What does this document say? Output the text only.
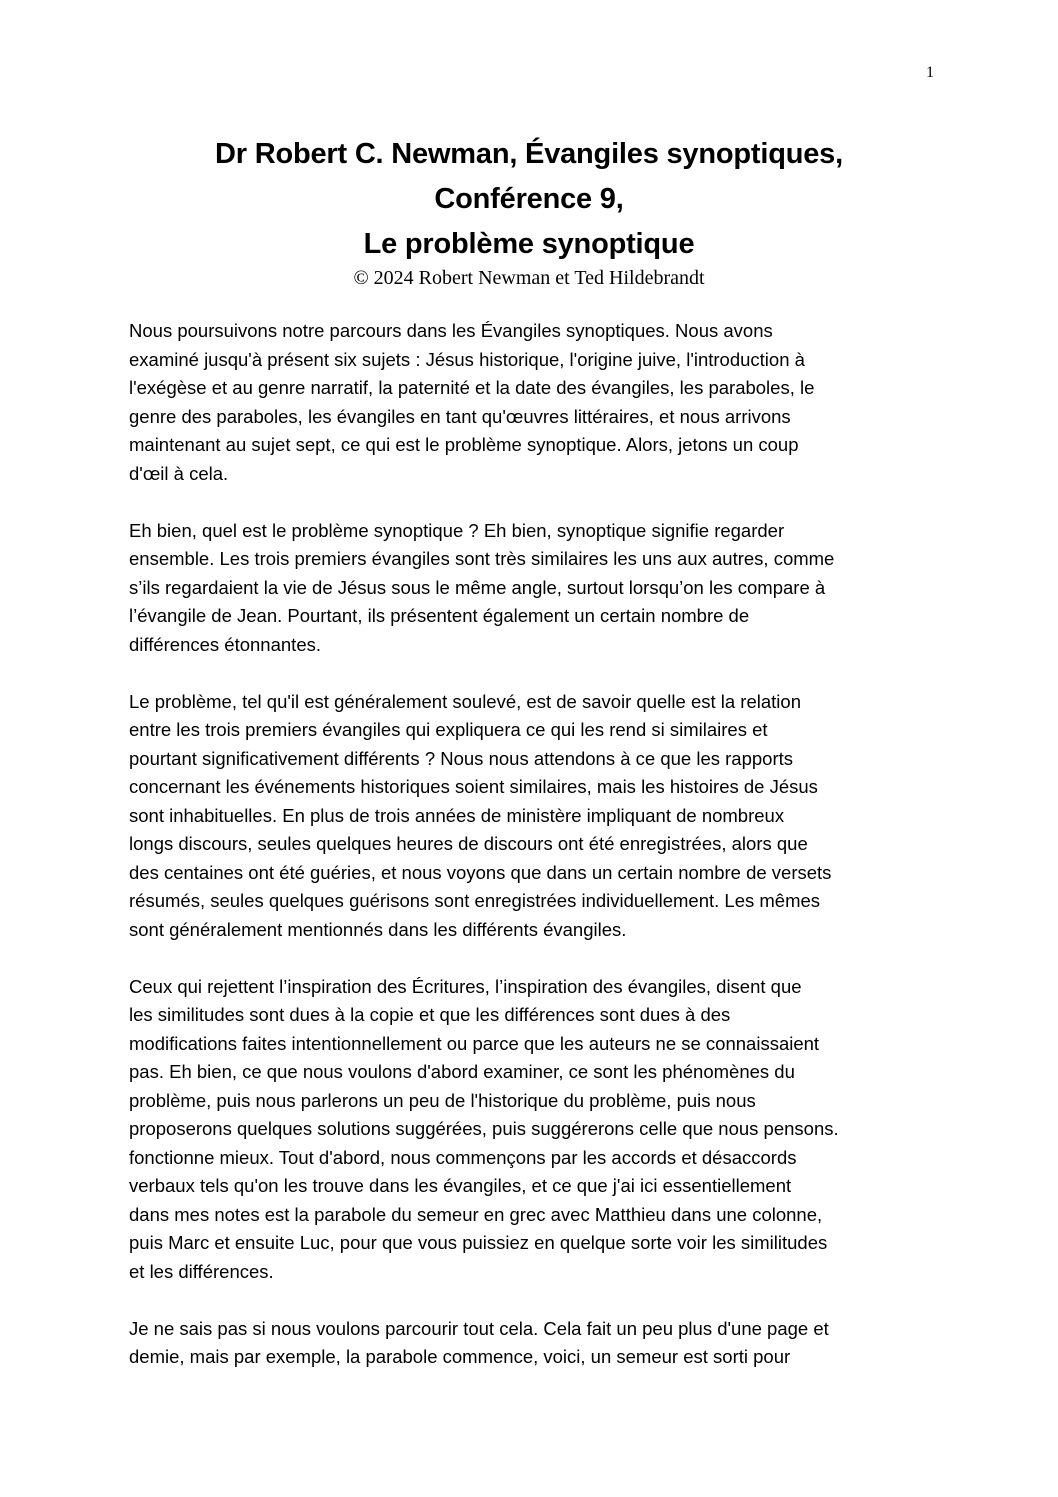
1
Dr Robert C. Newman, Évangiles synoptiques,
Conférence 9,
Le problème synoptique
© 2024 Robert Newman et Ted Hildebrandt

Nous poursuivons notre parcours dans les Évangiles synoptiques. Nous avons
examiné jusqu'à présent six sujets : Jésus historique, l'origine juive, l'introduction à
l'exégèse et au genre narratif, la paternité et la date des évangiles, les paraboles, le
genre des paraboles, les évangiles en tant qu'œuvres littéraires, et nous arrivons
maintenant au sujet sept, ce qui est le problème synoptique. Alors, jetons un coup
d'œil à cela.

Eh bien, quel est le problème synoptique ? Eh bien, synoptique signifie regarder
ensemble. Les trois premiers évangiles sont très similaires les uns aux autres, comme
s’ils regardaient la vie de Jésus sous le même angle, surtout lorsqu’on les compare à
l’évangile de Jean. Pourtant, ils présentent également un certain nombre de
différences étonnantes.

Le problème, tel qu'il est généralement soulevé, est de savoir quelle est la relation
entre les trois premiers évangiles qui expliquera ce qui les rend si similaires et
pourtant significativement différents ? Nous nous attendons à ce que les rapports
concernant les événements historiques soient similaires, mais les histoires de Jésus
sont inhabituelles. En plus de trois années de ministère impliquant de nombreux
longs discours, seules quelques heures de discours ont été enregistrées, alors que
des centaines ont été guéries, et nous voyons que dans un certain nombre de versets
résumés, seules quelques guérisons sont enregistrées individuellement. Les mêmes
sont généralement mentionnés dans les différents évangiles.

Ceux qui rejettent l’inspiration des Écritures, l’inspiration des évangiles, disent que
les similitudes sont dues à la copie et que les différences sont dues à des
modifications faites intentionnellement ou parce que les auteurs ne se connaissaient
pas. Eh bien, ce que nous voulons d'abord examiner, ce sont les phénomènes du
problème, puis nous parlerons un peu de l'historique du problème, puis nous
proposerons quelques solutions suggérées, puis suggérerons celle que nous pensons.
fonctionne mieux. Tout d'abord, nous commençons par les accords et désaccords
verbaux tels qu'on les trouve dans les évangiles, et ce que j'ai ici essentiellement
dans mes notes est la parabole du semeur en grec avec Matthieu dans une colonne,
puis Marc et ensuite Luc, pour que vous puissiez en quelque sorte voir les similitudes
et les différences.

Je ne sais pas si nous voulons parcourir tout cela. Cela fait un peu plus d'une page et
demie, mais par exemple, la parabole commence, voici, un semeur est sorti pour
